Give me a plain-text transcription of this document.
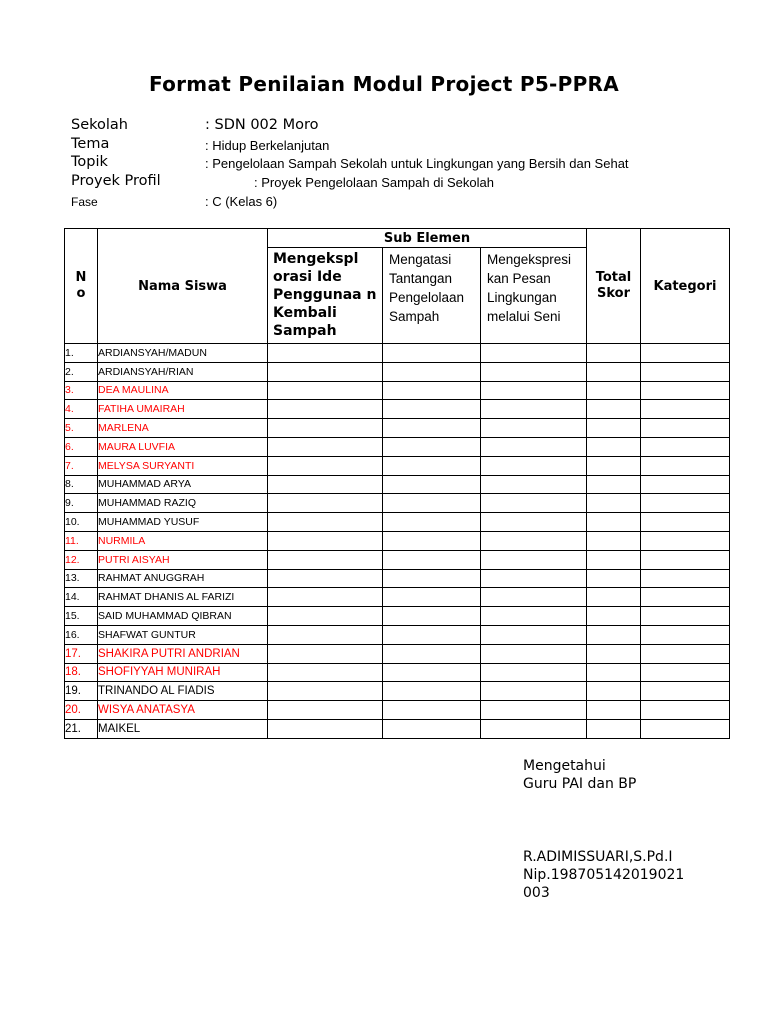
Format Penilaian Modul Project P5-PPRA
Sekolah	: SDN 002 Moro
Tema	: Hidup Berkelanjutan
Topik	: Pengelolaan Sampah Sekolah untuk Lingkungan yang Bersih dan Sehat
Proyek Profil	: Proyek Pengelolaan Sampah di Sekolah
Fase	: C (Kelas 6)
N o	Nama Siswa	Sub Elemen			Total Skor	Kategori

		Mengekspl orasi Ide Penggunaa n Kembali Sampah	Mengatasi Tantangan Pengelolaan Sampah	Mengekspresi kan Pesan Lingkungan melalui Seni		

1.	ARDIANSYAH/MADUN					
2.	ARDIANSYAH/RIAN					
3.	DEA MAULINA					
4.	FATIHA UMAIRAH					
5.	MARLENA					
6.	MAURA LUVFIA					
7.	MELYSA SURYANTI					
8.	MUHAMMAD ARYA					
9.	MUHAMMAD RAZIQ					
10.	MUHAMMAD YUSUF					
11.	NURMILA					
12.	PUTRI AISYAH					
13.	RAHMAT ANUGGRAH					
14.	RAHMAT DHANIS AL FARIZI					
15.	SAID MUHAMMAD QIBRAN					
16.	SHAFWAT GUNTUR					
17.	SHAKIRA PUTRI ANDRIAN					
18.	SHOFIYYAH MUNIRAH					
19.	TRINANDO AL FIADIS					
20.	WISYA ANATASYA					
21.	MAIKEL					
Mengetahui
Guru PAI dan BP
R.ADIMISSUARI,S.Pd.I
Nip.198705142019021
003
